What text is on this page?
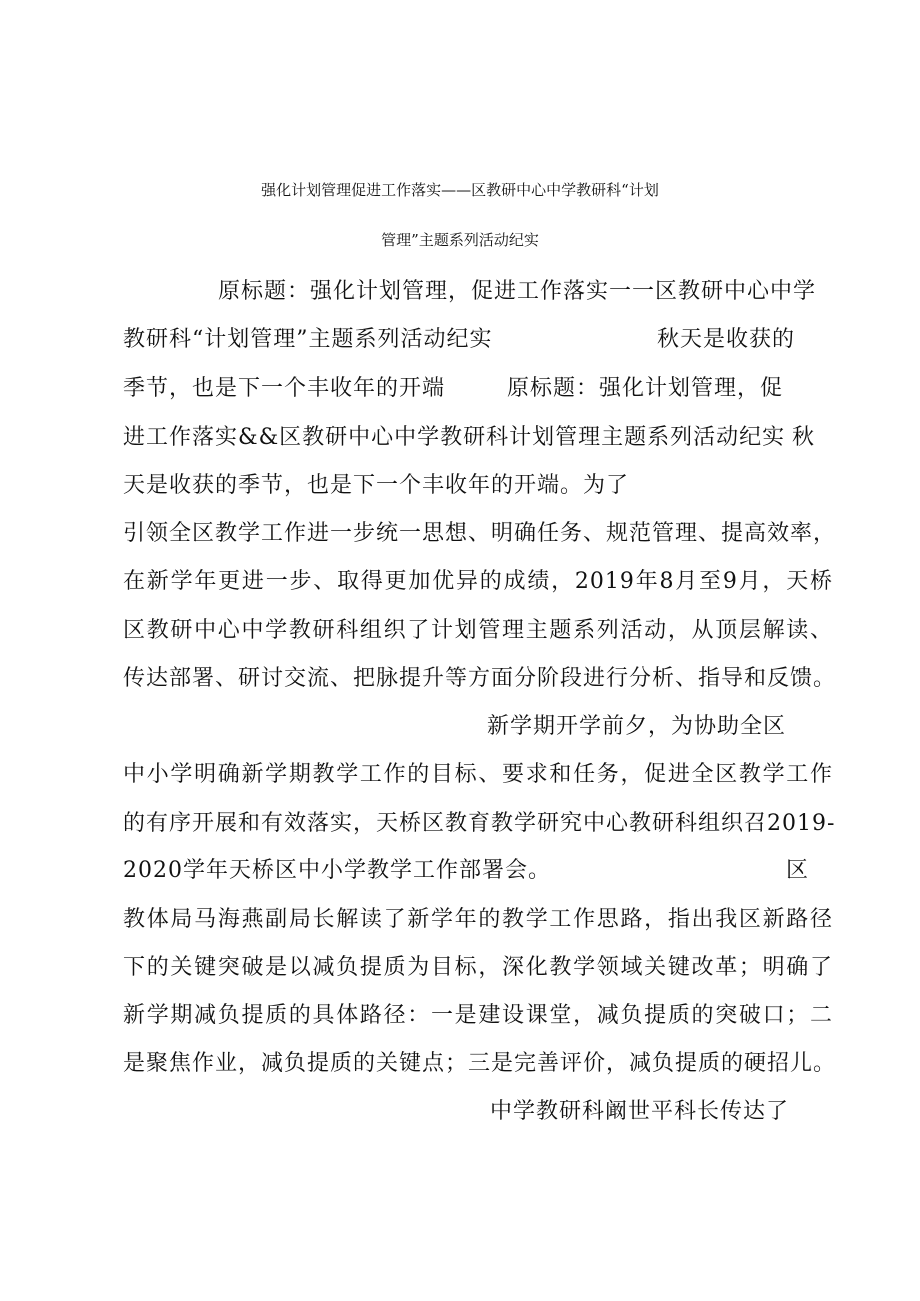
强化计划管理促进工作落实——区教研中心中学教研科“计划
管理”主题系列活动纪实
原标题：强化计划管理，促进工作落实一一区教研中心中学
教研科“计划管理”主题系列活动纪实	秋天是收获的
季节，也是下一个丰收年的开端	原标题：强化计划管理，促
进工作落实&&区教研中心中学教研科计划管理主题系列活动纪实 秋
天是收获的季节，也是下一个丰收年的开端。为了
引领全区教学工作进一步统一思想、明确任务、规范管理、提高效率，
在新学年更进一步、取得更加优异的成绩，2019年8月至9月，天桥
区教研中心中学教研科组织了计划管理主题系列活动，从顶层解读、
传达部署、研讨交流、把脉提升等方面分阶段进行分析、指导和反馈。
新学期开学前夕，为协助全区
中小学明确新学期教学工作的目标、要求和任务，促进全区教学工作
的有序开展和有效落实，天桥区教育教学研究中心教研科组织召2019-
2020学年天桥区中小学教学工作部署会。	区
教体局马海燕副局长解读了新学年的教学工作思路，指出我区新路径
下的关键突破是以减负提质为目标，深化教学领域关键改革；明确了
新学期减负提质的具体路径：一是建设课堂，减负提质的突破口；二
是聚焦作业，减负提质的关键点；三是完善评价，减负提质的硬招儿。
中学教研科阚世平科长传达了
